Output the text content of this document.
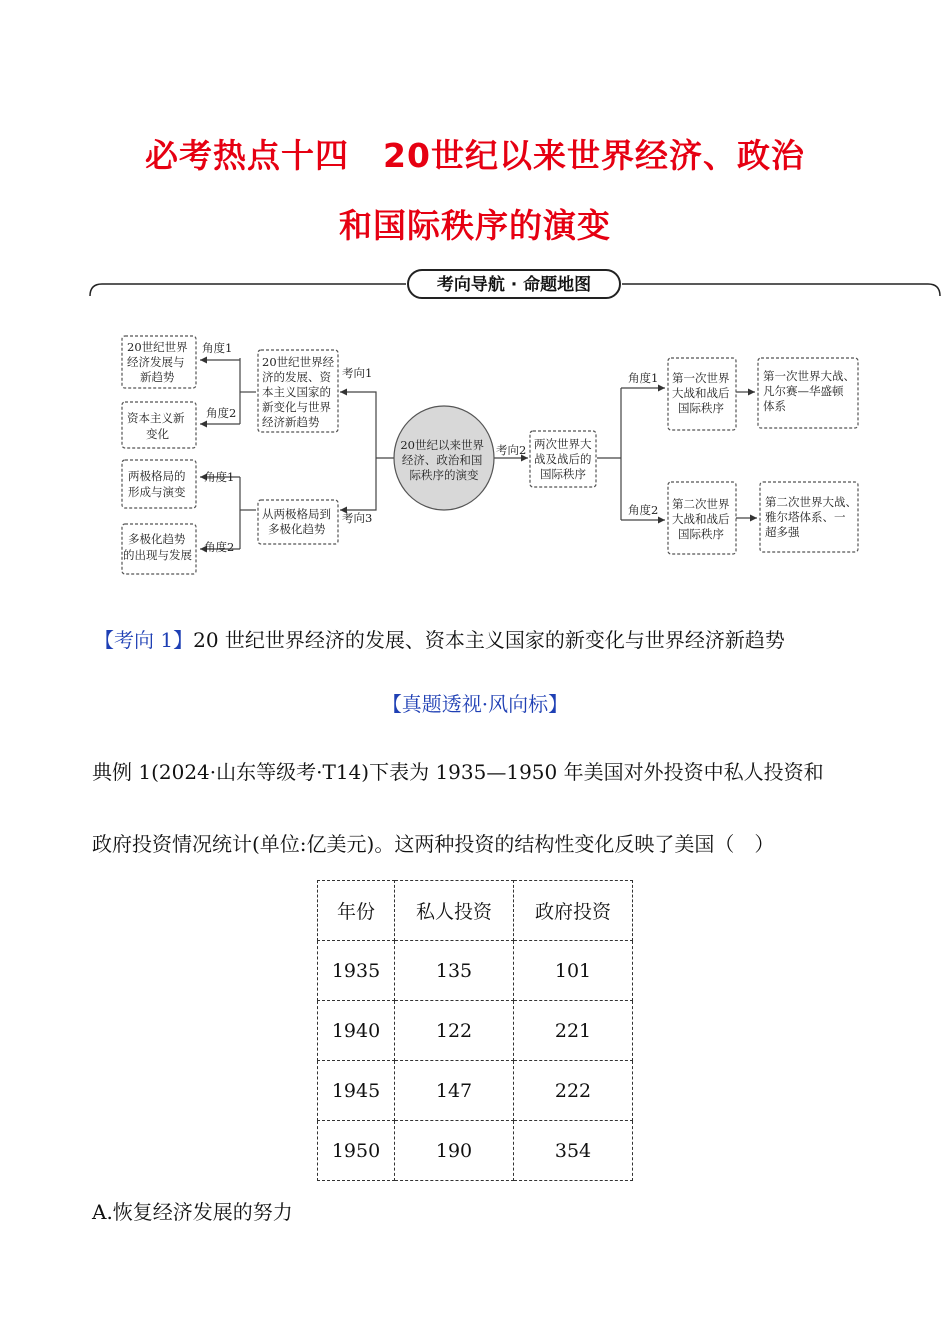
必考热点十四 20世纪以来世界经济、政治
和国际秩序的演变
考向导航 · 命题地图
20世纪以来世界 经济、政治和国 际秩序的演变
考向1
考向3
考向2
角度1
角度2
角度1
角度2
角度1
角度2
20世纪世界经 济的发展、资 本主义国家的 新变化与世界 经济新趋势
20世纪世界 经济发展与 新趋势
资本主义新 变化
从两极格局到 多极化趋势
两极格局的 形成与演变
多极化趋势 的出现与发展
两次世界大 战及战后的 国际秩序
第一次世界 大战和战后 国际秩序
第二次世界 大战和战后 国际秩序
第一次世界大战、 凡尔赛—华盛顿 体系
第二次世界大战、 雅尔塔体系、一 超多强
【考向 1】20 世纪世界经济的发展、资本主义国家的新变化与世界经济新趋势
【真题透视·风向标】
典例 1(2024·山东等级考·T14)下表为 1935—1950 年美国对外投资中私人投资和
政府投资情况统计(单位:亿美元)。这两种投资的结构性变化反映了美国（　）
年份	私人投资	政府投资
1935	135	101
1940	122	221
1945	147	222
1950	190	354
A.恢复经济发展的努力
